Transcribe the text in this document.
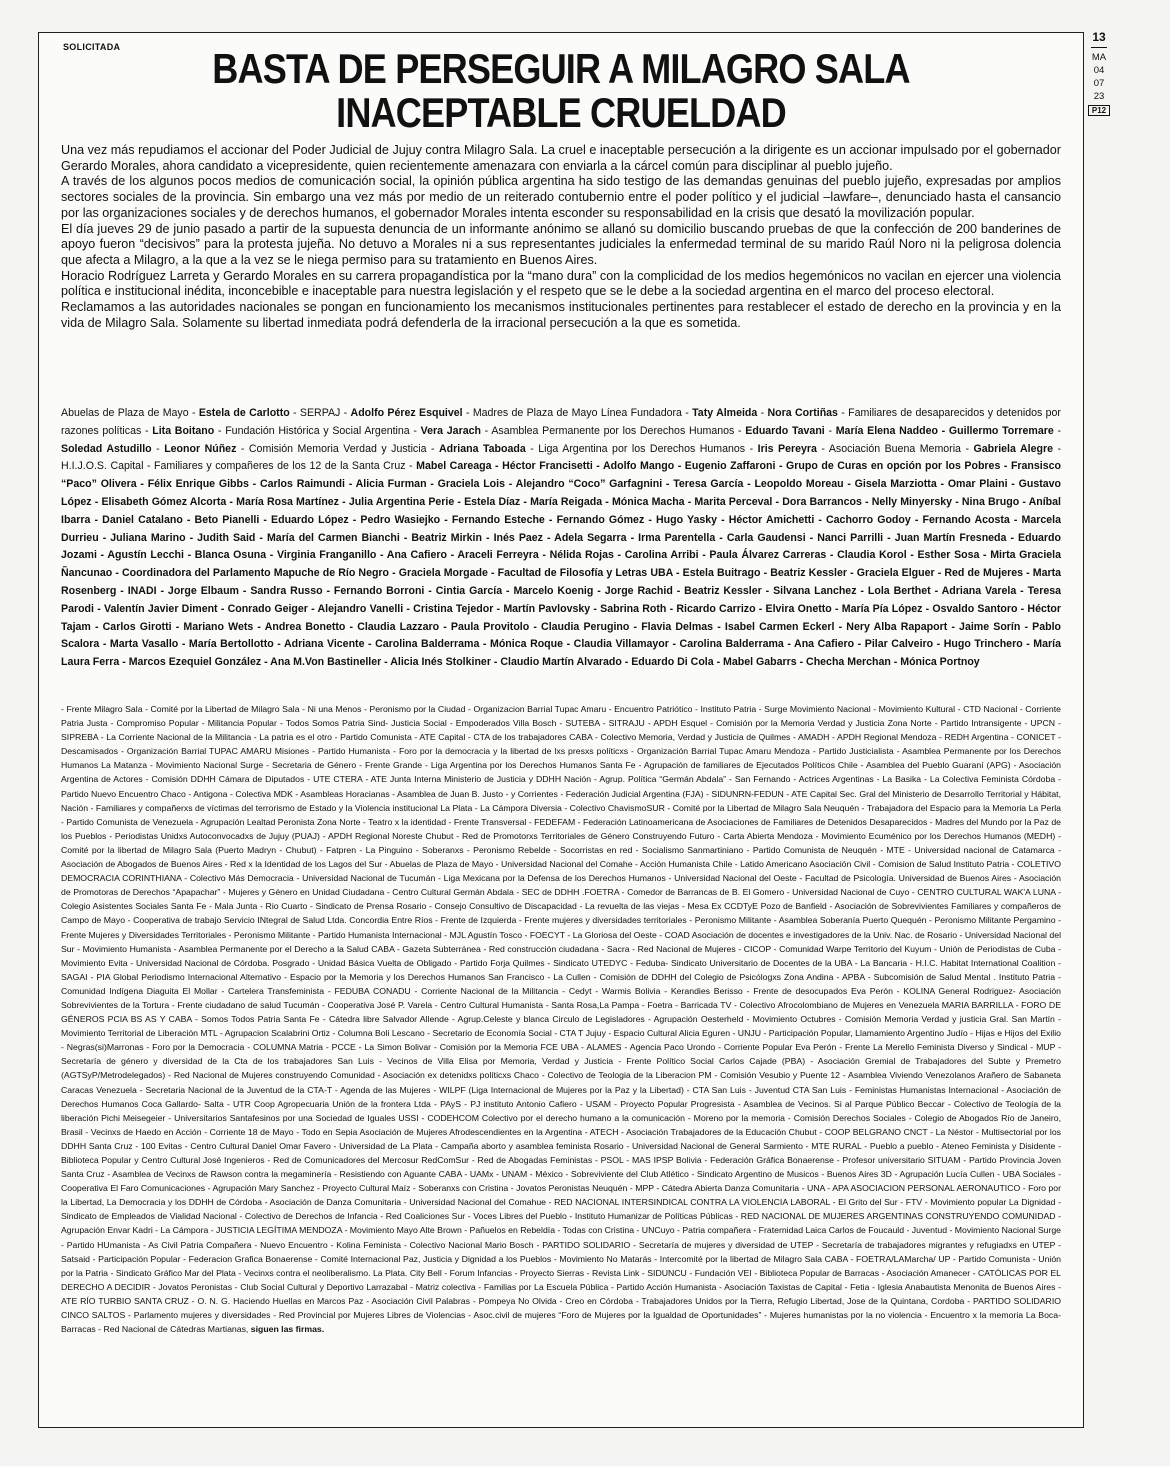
13
MA
04
07
23
P12
SOLICITADA	BASTA DE PERSEGUIR A MILAGRO SALA
INACEPTABLE CRUELDAD

Una vez más repudiamos el accionar del Poder Judicial de Jujuy contra Milagro Sala. La cruel e inaceptable persecución a la dirigente es un accionar impulsado por el gobernador Gerardo Morales, ahora candidato a vicepresidente, quien recientemente amenazara con enviarla a la cárcel común para disciplinar al pueblo jujeño.

A través de los algunos pocos medios de comunicación social, la opinión pública argentina ha sido testigo de las demandas genuinas del pueblo jujeño, expresadas por amplios sectores sociales de la provincia. Sin embargo una vez más por medio de un reiterado contubernio entre el poder político y el judicial –lawfare–, denunciado hasta el cansancio por las organizaciones sociales y de derechos humanos, el gobernador Morales intenta esconder su responsabilidad en la crisis que desató la movilización popular.

El día jueves 29 de junio pasado a partir de la supuesta denuncia de un informante anónimo se allanó su domicilio buscando pruebas de que la confección de 200 banderines de apoyo fueron “decisivos” para la protesta jujeña. No detuvo a Morales ni a sus representantes judiciales la enfermedad terminal de su marido Raúl Noro ni la peligrosa dolencia que afecta a Milagro, a la que a la vez se le niega permiso para su tratamiento en Buenos Aires.

Horacio Rodríguez Larreta y Gerardo Morales en su carrera propagandística por la “mano dura” con la complicidad de los medios hegemónicos no vacilan en ejercer una violencia política e institucional inédita, inconcebible e inaceptable para nuestra legislación y el respeto que se le debe a la sociedad argentina en el marco del proceso electoral.

Reclamamos a las autoridades nacionales se pongan en funcionamiento los mecanismos institucionales pertinentes para restablecer el estado de derecho en la provincia y en la vida de Milagro Sala. Solamente su libertad inmediata podrá defenderla de la irracional persecución a la que es sometida.

Abuelas de Plaza de Mayo - Estela de Carlotto - SERPAJ - Adolfo Pérez Esquivel - Madres de Plaza de Mayo Línea Fundadora - Taty Almeida - Nora Cortiñas - Familiares de desaparecidos y detenidos por razones políticas - Lita Boitano - Fundación Histórica y Social Argentina - Vera Jarach - Asamblea Permanente por los Derechos Humanos - Eduardo Tavani - María Elena Naddeo - Guillermo Torremare - Soledad Astudillo - Leonor Núñez - Comisión Memoria Verdad y Justicia - Adriana Taboada - Liga Argentina por los Derechos Humanos - Iris Pereyra - Asociación Buena Memoria - Gabriela Alegre - H.I.J.O.S. Capital - Familiares y compañeres de los 12 de la Santa Cruz - Mabel Careaga - Héctor Francisetti - Adolfo Mango - Eugenio Zaffaroni - Grupo de Curas en opción por los Pobres - Fransisco “Paco” Olivera - Félix Enrique Gibbs - Carlos Raimundi - Alicia Furman - Graciela Lois - Alejandro “Coco” Garfagnini - Teresa García - Leopoldo Moreau - Gisela Marziotta - Omar Plaini - Gustavo López - Elisabeth Gómez Alcorta - María Rosa Martínez - Julia Argentina Perie - Estela Díaz - María Reigada - Mónica Macha - Marita Perceval - Dora Barrancos - Nelly Minyersky - Nina Brugo - Aníbal Ibarra - Daniel Catalano - Beto Pianelli - Eduardo López - Pedro Wasiejko - Fernando Esteche - Fernando Gómez - Hugo Yasky - Héctor Amichetti - Cachorro Godoy - Fernando Acosta - Marcela Durrieu - Juliana Marino - Judith Said - María del Carmen Bianchi - Beatriz Mirkin - Inés Paez - Adela Segarra - Irma Parentella - Carla Gaudensi - Nanci Parrilli - Juan Martín Fresneda - Eduardo Jozami - Agustín Lecchi - Blanca Osuna - Virginia Franganillo - Ana Cafiero - Araceli Ferreyra - Nélida Rojas - Carolina Arribi - Paula Álvarez Carreras - Claudia Korol - Esther Sosa - Mirta Graciela Ñancunao - Coordinadora del Parlamento Mapuche de Río Negro - Graciela Morgade - Facultad de Filosofía y Letras UBA - Estela Buitrago - Beatriz Kessler - Graciela Elguer - Red de Mujeres - Marta Rosenberg - INADI - Jorge Elbaum - Sandra Russo - Fernando Borroni - Cintia García - Marcelo Koenig - Jorge Rachid - Beatriz Kessler - Silvana Lanchez - Lola Berthet - Adriana Varela - Teresa Parodi - Valentín Javier Diment - Conrado Geiger - Alejandro Vanelli - Cristina Tejedor - Martín Pavlovsky - Sabrina Roth - Ricardo Carrizo - Elvira Onetto - María Pía López - Osvaldo Santoro - Héctor Tajam - Carlos Girotti - Mariano Wets - Andrea Bonetto - Claudia Lazzaro - Paula Provitolo - Claudia Perugino - Flavia Delmas - Isabel Carmen Eckerl - Nery Alba Rapaport - Jaime Sorín - Pablo Scalora - Marta Vasallo - María Bertollotto - Adriana Vicente - Carolina Balderrama - Mónica Roque - Claudia Villamayor - Carolina Balderrama - Ana Cafiero - Pilar Calveiro - Hugo Trinchero - María Laura Ferra - Marcos Ezequiel González - Ana M.Von Bastineller - Alicia Inés Stolkiner - Claudio Martín Alvarado - Eduardo Di Cola - Mabel Gabarrs - Checha Merchan - Mónica Portnoy
- Frente Milagro Sala - Comité por la Libertad de Milagro Sala - Ni una Menos - Peronismo por la Ciudad - Organizacion Barrial Tupac Amaru - Encuentro Patriótico - Instituto Patria - Surge Movimiento Nacional - Movimiento Kultural - CTD Nacional - Corriente Patria Justa - Compromiso Popular - Militancia Popular - Todos Somos Patria Sind- Justicia Social - Empoderados Villa Bosch - SUTEBA - SITRAJU - APDH Esquel - Comisión por la Memoria Verdad y Justicia Zona Norte - Partido Intransigente - UPCN - SIPREBA - La Corriente Nacional de la Militancia - La patria es el otro - Partido Comunista - ATE Capital - CTA de los trabajadores CABA - Colectivo Memoria, Verdad y Justicia de Quilmes - AMADH - APDH Regional Mendoza - REDH Argentina - CONICET - Descamisados - Organización Barrial TUPAC AMARU Misiones - Partido Humanista - Foro por la democracia y la libertad de lxs presxs políticxs - Organización Barrial Tupac Amaru Mendoza - Partido Justicialista - Asamblea Permanente por los Derechos Humanos La Matanza - Movimiento Nacional Surge - Secretaria de Género - Frente Grande - Liga Argentina por los Derechos Humanos Santa Fe - Agrupación de familiares de Ejecutados Políticos Chile - Asamblea del Pueblo Guaraní (APG) - Asociación Argentina de Actores - Comisión DDHH Cámara de Diputados - UTE CTERA - ATE Junta Interna Ministerio de Justicia y DDHH Nación - Agrup. Política “Germán Abdala” - San Fernando - Actrices Argentinas - La Basika - La Colectiva Feminista Córdoba - Partido Nuevo Encuentro Chaco - Antigona - Colectiva MDK - Asambleas Horacianas - Asamblea de Juan B. Justo - y Corrientes - Federación Judicial Argentina (FJA) - SIDUNRN-FEDUN - ATE Capital Sec. Gral del Ministerio de Desarrollo Territorial y Hábitat, Nación - Familiares y compañerxs de víctimas del terrorismo de Estado y la Violencia institucional La Plata - La Cámpora Diversia - Colectivo ChavismoSUR - Comité por la Libertad de Milagro Sala Neuquén - Trabajadora del Espacio para la Memoria La Perla - Partido Comunista de Venezuela - Agrupación Lealtad Peronista Zona Norte - Teatro x la identidad - Frente Transversal - FEDEFAM - Federación Latinoamericana de Asociaciones de Familiares de Detenidos Desaparecidos - Madres del Mundo por la Paz de los Pueblos - Periodistas Unidxs Autoconvocadxs de Jujuy (PUAJ) - APDH Regional Noreste Chubut - Red de Promotorxs Territoriales de Género Construyendo Futuro - Carta Abierta Mendoza - Movimiento Ecuménico por los Derechos Humanos (MEDH) - Comité por la libertad de Milagro Sala (Puerto Madryn - Chubut) - Fatpren - La Pinguino - Soberanxs - Peronismo Rebelde - Socorristas en red - Socialismo Sanmartiniano - Partido Comunista de Neuquén - MTE - Universidad nacional de Catamarca - Asociación de Abogados de Buenos Aires - Red x la Identidad de los Lagos del Sur - Abuelas de Plaza de Mayo - Universidad Nacional del Comahe - Acción Humanista Chile - Latido Americano Asociación Civil - Comision de Salud Instituto Patria - COLETIVO DEMOCRACIA CORINTHIANA - Colectivo Más Democracia - Universidad Nacional de Tucumán - Liga Mexicana por la Defensa de los Derechos Humanos - Universidad Nacional del Oeste - Facultad de Psicología. Universidad de Buenos Aires - Asociación de Promotoras de Derechos “Apapachar” - Mujeres y Género en Unidad Ciudadana - Centro Cultural Germán Abdala - SEC de DDHH .FOETRA - Comedor de Barrancas de B. El Gomero - Universidad Nacional de Cuyo - CENTRO CULTURAL WAK'A LUNA - Colegio Asistentes Sociales Santa Fe - Mala Junta - Rio Cuarto - Sindicato de Prensa Rosario - Consejo Consultivo de Discapacidad - La revuelta de las viejas - Mesa Ex CCDTyE Pozo de Banfield - Asociación de Sobrevivientes Familiares y compañeros de Campo de Mayo - Cooperativa de trabajo Servicio INtegral de Salud Ltda. Concordia Entre Ríos - Frente de Izquierda - Frente mujeres y diversidades territoriales - Peronismo Militante - Asamblea Soberanía Puerto Quequén - Peronismo Militante Pergamino - Frente Mujeres y Diversidades Territoriales - Peronismo Militante - Partido Humanista Internacional - MJL Agustín Tosco - FOECYT - La Gloriosa del Oeste - COAD Asociación de docentes e investigadores de la Univ. Nac. de Rosario - Universidad Nacional del Sur - Movimiento Humanista - Asamblea Permanente por el Derecho a la Salud CABA - Gazeta Subterránea - Red construcción ciudadana - Sacra - Red Nacional de Mujeres - CICOP - Comunidad Warpe Territorio del Kuyum - Unión de Periodistas de Cuba - Movimiento Evita - Universidad Nacional de Córdoba. Posgrado - Unidad Básica Vuelta de Obligado - Partido Forja Quilmes - Sindicato UTEDYC - Feduba- Sindicato Universitario de Docentes de la UBA - La Bancaria - H.I.C. Habitat International Coalition - SAGAI - PIA Global Periodismo Internacional Alternativo - Espacio por la Memoria y los Derechos Humanos San Francisco - La Cullen - Comisión de DDHH del Colegio de Psicólogxs Zona Andina - APBA - Subcomisión de Salud Mental . Instituto Patria - Comunidad Indígena Diaguita El Mollar - Cartelera Transfeminista - FEDUBA CONADU - Corriente Nacional de la Militancia - Cedyt - Warmis Bolivia - Kerandies Berisso - Frente de desocupados Eva Perón - KOLINA General Rodriguez- Asociación Sobrevivientes de la Tortura - Frente ciudadano de salud Tucumán - Cooperativa José P. Varela - Centro Cultural Humanista - Santa Rosa,La Pampa - Foetra - Barricada TV - Colectivo Afrocolombiano de Mujeres en Venezuela MARIA BARRILLA - FORO DE GÉNEROS PCIA BS AS Y CABA - Somos Todos Patria Santa Fe - Cátedra libre Salvador Allende - Agrup.Celeste y blanca Circulo de Legisladores - Agrupación Oesterheld - Movimiento Octubres - Comisión Memoria Verdad y justicia Gral. San Martín - Movimiento Territorial de Liberación MTL - Agrupacion Scalabrini Ortiz - Columna Boli Lescano - Secretario de Economía Social - CTA T Jujuy - Espacio Cultural Alicia Eguren - UNJU - Participación Popular, Llamamiento Argentino Judío - Hijas e Hijos del Exilio - Negras(si)Marronas - Foro por la Democracia - COLUMNA Matria - PCCE - La Simon Bolivar - Comisión por la Memoria FCE UBA - ALAMES - Agencia Paco Urondo - Corriente Popular Eva Perón - Frente La Merello Feminista Diverso y Sindical - MUP - Secretaría de género y diversidad de la Cta de los trabajadores San Luis - Vecinos de Villa Elisa por Memoria, Verdad y Justicia - Frente Político Social Carlos Cajade (PBA) - Asociación Gremial de Trabajadores del Subte y Premetro (AGTSyP/Metrodelegados) - Red Nacional de Mujeres construyendo Comunidad - Asociación ex detenidxs políticxs Chaco - Colectivo de Teologia de la Liberacion PM - Comisión Vesubio y Puente 12 - Asamblea Viviendo Venezolanos Arañero de Sabaneta Caracas Venezuela - Secretaria Nacional de la Juventud de la CTA-T - Agenda de las Mujeres - WILPF (Liga Internacional de Mujeres por la Paz y la Libertad) - CTA San Luis - Juventud CTA San Luis - Feministas Humanistas Internacional - Asociación de Derechos Humanos Coca Gallardo- Salta - UTR Coop Agropecuaria Unión de la frontera Ltda - PAyS - PJ instituto Antonio Cafiero - USAM - Proyecto Popular Progresista - Asamblea de Vecinos. Si al Parque Público Beccar - Colectivo de Teología de la liberación Pichi Meisegeier - Universitarios Santafesinos por una Sociedad de Iguales USSI - CODEHCOM Colectivo por el derecho humano a la comunicación - Moreno por la memoria - Comisión Derechos Sociales - Colegio de Abogados Río de Janeiro, Brasil - Vecinxs de Haedo en Acción - Corriente 18 de Mayo - Todo en Sepia Asociación de Mujeres Afrodescendientes en la Argentina - ATECH - Asociación Trabajadores de la Educación Chubut - COOP BELGRANO CNCT - La Néstor - Multisectorial por los DDHH Santa Cruz - 100 Evitas - Centro Cultural Daniel Omar Favero - Universidad de La Plata - Campaña aborto y asamblea feminista Rosario - Universidad Nacional de General Sarmiento - MTE RURAL - Pueblo a pueblo - Ateneo Feminista y Disidente - Biblioteca Popular y Centro Cultural José Ingenieros - Red de Comunicadores del Mercosur RedComSur - Red de Abogadas Feministas - PSOL - MAS IPSP Bolivia - Federación Gráfica Bonaerense - Profesor universitario SITUAM - Partido Provincia Joven Santa Cruz - Asamblea de Vecinxs de Rawson contra la megaminería - Resistiendo con Aguante CABA - UAMx - UNAM - México - Sobreviviente del Club Atlético - Sindicato Argentino de Musicos - Buenos Aires 3D - Agrupación Lucía Cullen - UBA Sociales - Cooperativa El Faro Comunicaciones - Agrupación Mary Sanchez - Proyecto Cultural Maíz - Soberanxs con Cristina - Jovatos Peronistas Neuquén - MPP - Cátedra Abierta Danza Comunitaria - UNA - APA ASOCIACION PERSONAL AERONAUTICO - Foro por la Libertad, La Democracia y los DDHH de Córdoba - Asociación de Danza Comunitaria - Universidad Nacional del Comahue - RED NACIONAL INTERSINDICAL CONTRA LA VIOLENCIA LABORAL - El Grito del Sur - FTV - Movimiento popular La Dignidad - Sindicato de Empleados de Vialidad Nacional - Colectivo de Derechos de Infancia - Red Coaliciones Sur - Voces Libres del Pueblo - Instituto Humanizar de Políticas Públicas - RED NACIONAL DE MUJERES ARGENTINAS CONSTRUYENDO COMUNIDAD - Agrupación Envar Kadri - La Cámpora - JUSTICIA LEGÍTIMA MENDOZA - Movimiento Mayo Alte Brown - Pañuelos en Rebeldía - Todas con Cristina - UNCuyo - Patria compañera - Fraternidad Laica Carlos de Foucauld - Juventud - Movimiento Nacional Surge - Partido HUmanista - As Civil Patria Compañera - Nuevo Encuentro - Kolina Feminista - Colectivo Nacional Mario Bosch - PARTIDO SOLIDARIO - Secretaría de mujeres y diversidad de UTEP - Secretaría de trabajadores migrantes y refugiadxs en UTEP - Satsaid - Participación Popular - Federacion Grafica Bonaerense - Comité Internacional Paz, Justicia y Dignidad a los Pueblos - Movimiento No Matarás - Intercomité por la libertad de Milagro Sala CABA - FOETRA/LAMarcha/ UP - Partido Comunista - Unión por la Patria - Sindicato Gráfico Mar del Plata - Vecinxs contra el neoliberalismo. La Plata. City Bell - Forum Infancias - Proyecto Sierras - Revista Link - SIDUNCU - Fundación VEI - Biblioteca Popular de Barracas - Asociación Amanecer - CATÓLICAS POR EL DERECHO A DECIDIR - Jovatos Peronistas - Club Social Cultural y Deportivo Larrazabal - Matriz colectiva - Familias por La Escuela Pública - Partido Acción Humanista - Asociación Taxistas de Capital - Fetia - Iglesia Anabautista Menonita de Buenos Aires - ATE RÍO TURBIO SANTA CRUZ - O. N. G. Haciendo Huellas en Marcos Paz - Asociación Civil Palabras - Pompeya No Olvida - Creo en Córdoba - Trabajadores Unidos por la Tierra, Refugio Libertad, Jose de la Quintana, Cordoba - PARTIDO SOLIDARIO CINCO SALTOS - Parlamento mujeres y diversidades - Red Provincial por Mujeres Libres de Violencias - Asoc.civil de mujeres “Foro de Mujeres por la Igualdad de Oportunidades” - Mujeres humanistas por la no violencia - Encuentro x la memoria La Boca-Barracas - Red Nacional de Cátedras Martianas, siguen las firmas.
